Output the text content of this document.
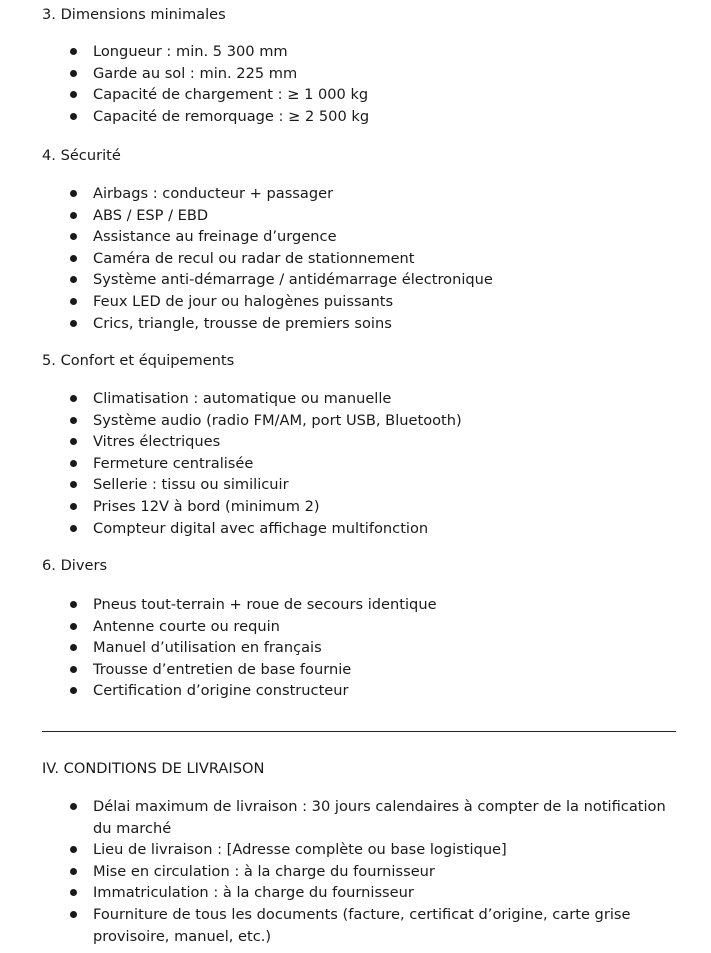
3. Dimensions minimales
Longueur : min. 5 300 mm
Garde au sol : min. 225 mm
Capacité de chargement : ≥ 1 000 kg
Capacité de remorquage : ≥ 2 500 kg
4. Sécurité
Airbags : conducteur + passager
ABS / ESP / EBD
Assistance au freinage d’urgence
Caméra de recul ou radar de stationnement
Système anti-démarrage / antidémarrage électronique
Feux LED de jour ou halogènes puissants
Crics, triangle, trousse de premiers soins
5. Confort et équipements
Climatisation : automatique ou manuelle
Système audio (radio FM/AM, port USB, Bluetooth)
Vitres électriques
Fermeture centralisée
Sellerie : tissu ou similicuir
Prises 12V à bord (minimum 2)
Compteur digital avec affichage multifonction
6. Divers
Pneus tout-terrain + roue de secours identique
Antenne courte ou requin
Manuel d’utilisation en français
Trousse d’entretien de base fournie
Certification d’origine constructeur
IV. CONDITIONS DE LIVRAISON
Délai maximum de livraison : 30 jours calendaires à compter de la notification du marché
Lieu de livraison : [Adresse complète ou base logistique]
Mise en circulation : à la charge du fournisseur
Immatriculation : à la charge du fournisseur
Fourniture de tous les documents (facture, certificat d’origine, carte grise provisoire, manuel, etc.)
